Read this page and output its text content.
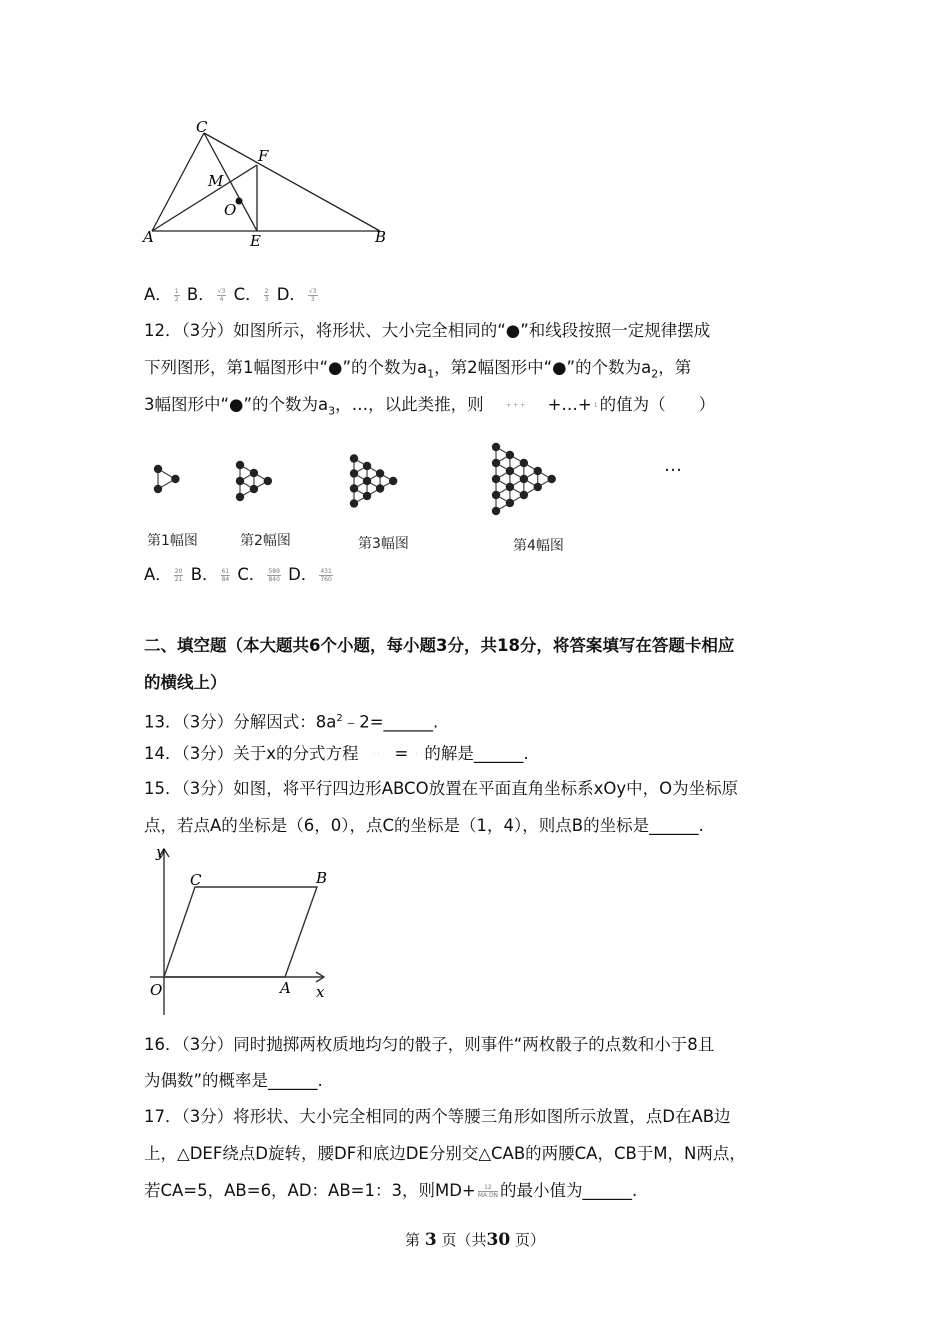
C
F
M
O
A	E	B
A． $\frac{1}{2}$ B． $\frac{√3}{4}$ C． $\frac{2}{3}$ D． $\frac{√3}{3}$
12．（3分）如图所示，将形状、大小完全相同的“●”和线段按照一定规律摆成
下列图形，第1幅图形中“●”的个数为$a_1$，第2幅图形中“●”的个数为$a_2$，第
3幅图形中“●”的个数为$a_3$，…，以此类推，则	+ + + +…+ 1 的值为（　　）
第1幅图	第2幅图	第3幅图	第4幅图
…
A． $\frac{20}{21}$ B． $\frac{61}{84}$ C． $\frac{589}{840}$ D． $\frac{431}{760}$
二、填空题（本大题共6个小题，每小题3分，共18分，将答案填写在答题卡相应
的横线上）
13．（3分）分解因式：$8a^2﹣2=\_\_\_\_\_\_$.
14．（3分）关于x的分式方程	· · = · 的解是______.
15．（3分）如图，将平行四边形ABCO放置在平面直角坐标系xOy中，O为坐标原
点，若点A的坐标是（6，0），点C的坐标是（1，4），则点B的坐标是______.
y
C	B
O	A x
16．（3分）同时抛掷两枚质地均匀的骰子，则事件“两枚骰子的点数和小于8且
为偶数”的概率是______.
17．（3分）将形状、大小完全相同的两个等腰三角形如图所示放置，点D在AB边
上，△DEF绕点D旋转，腰DF和底边DE分别交△CAB的两腰CA，CB于M，N两点，
若CA=5，AB=6，AD：AB=1：3，则$MD+ \frac{12}{MA\cdot DN}$ 的最小值为______.
第 3 页（共30 页）
